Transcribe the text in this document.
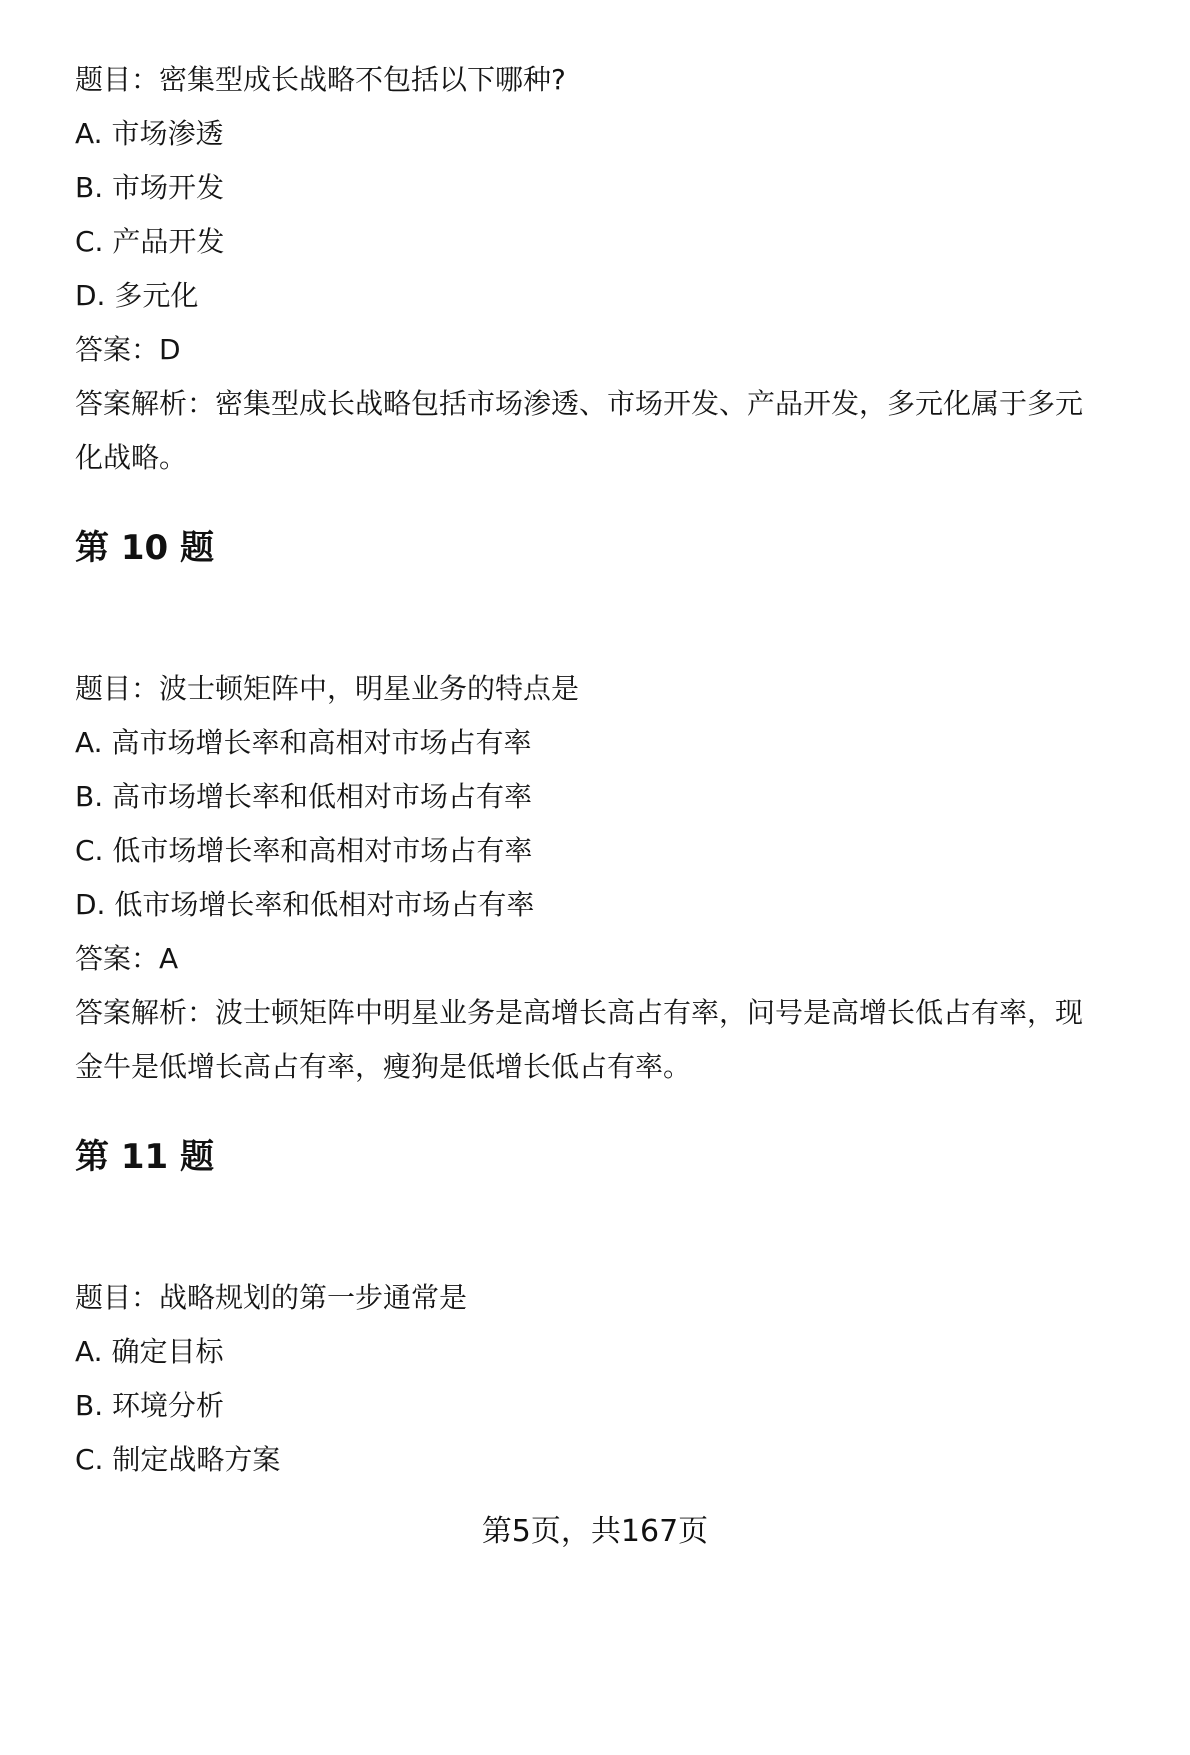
题目：密集型成长战略不包括以下哪种?
A. 市场渗透
B. 市场开发
C. 产品开发
D. 多元化
答案：D
答案解析：密集型成长战略包括市场渗透、市场开发、产品开发，多元化属于多元
化战略。
第 10 题
题目：波士顿矩阵中，明星业务的特点是
A. 高市场增长率和高相对市场占有率
B. 高市场增长率和低相对市场占有率
C. 低市场增长率和高相对市场占有率
D. 低市场增长率和低相对市场占有率
答案：A
答案解析：波士顿矩阵中明星业务是高增长高占有率，问号是高增长低占有率，现
金牛是低增长高占有率，瘦狗是低增长低占有率。
第 11 题
题目：战略规划的第一步通常是
A. 确定目标
B. 环境分析
C. 制定战略方案
第5页，共167页
